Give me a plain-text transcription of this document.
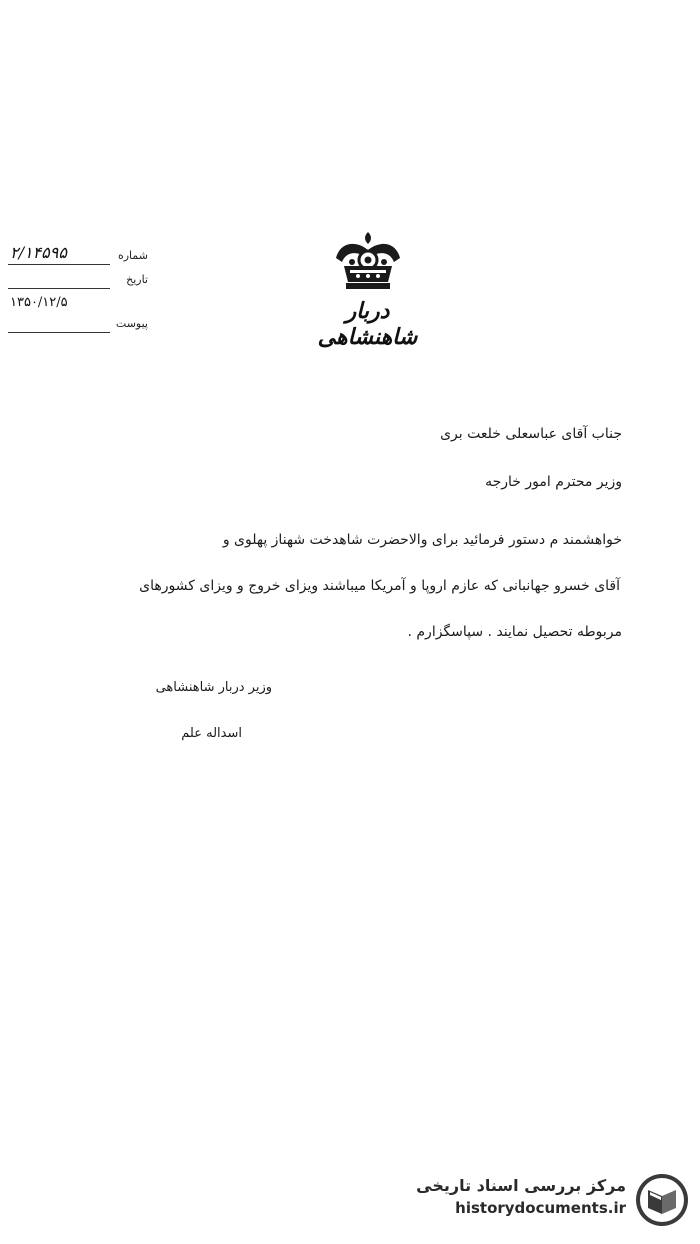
شماره
۲/۱۴۵۹۵
تاریخ
۱۳۵۰/۱۲/۵
پیوست	دربار شاهنشاهی
جناب آقای عباسعلی خلعت بری
وزیر محترم امور خارجه
خواهشمند م دستور فرمائید برای والاحضرت شاهدخت شهناز پهلوی و
آقای خسرو جهانبانی که عازم اروپا و آمریکا میباشند ویزای خروج و ویزای کشورهای
مربوطه تحصیل نمایند . سپاسگزارم .
وزیر دربار شاهنشاهی
اسداله علم
مرکز بررسی اسناد تاریخی
historydocuments.ir
